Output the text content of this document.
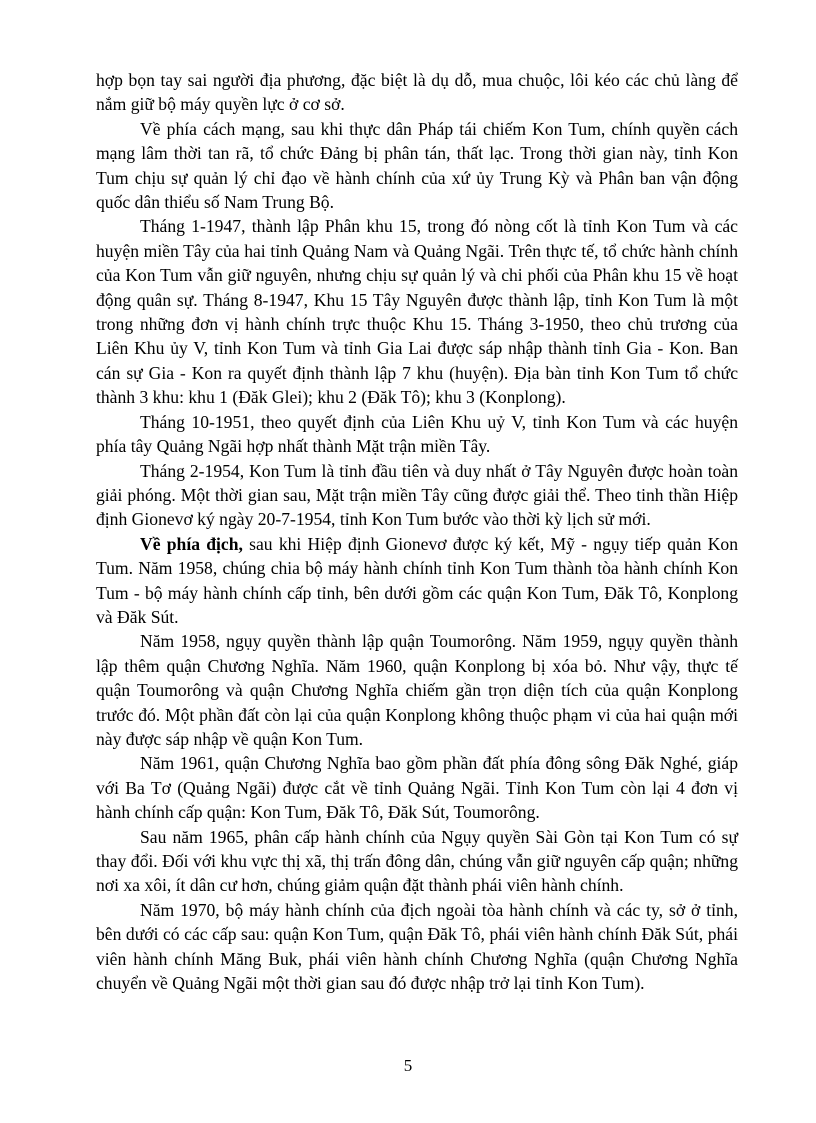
hợp bọn tay sai người địa phương, đặc biệt là dụ dỗ, mua chuộc, lôi kéo các chủ làng để nắm giữ bộ máy quyền lực ở cơ sở.

Về phía cách mạng, sau khi thực dân Pháp tái chiếm Kon Tum, chính quyền cách mạng lâm thời tan rã, tổ chức Đảng bị phân tán, thất lạc. Trong thời gian này, tỉnh Kon Tum chịu sự quản lý chỉ đạo về hành chính của xứ ủy Trung Kỳ và Phân ban vận động quốc dân thiểu số Nam Trung Bộ.

Tháng 1-1947, thành lập Phân khu 15, trong đó nòng cốt là tỉnh Kon Tum và các huyện miền Tây của hai tỉnh Quảng Nam và Quảng Ngãi. Trên thực tế, tổ chức hành chính của Kon Tum vẫn giữ nguyên, nhưng chịu sự quản lý và chi phối của Phân khu 15 về hoạt động quân sự. Tháng 8-1947, Khu 15 Tây Nguyên được thành lập, tỉnh Kon Tum là một trong những đơn vị hành chính trực thuộc Khu 15. Tháng 3-1950, theo chủ trương của Liên Khu ủy V, tỉnh Kon Tum và tỉnh Gia Lai được sáp nhập thành tỉnh Gia - Kon. Ban cán sự Gia - Kon ra quyết định thành lập 7 khu (huyện). Địa bàn tỉnh Kon Tum tổ chức thành 3 khu: khu 1 (Đăk Glei); khu 2 (Đăk Tô); khu 3 (Konplong).

Tháng 10-1951, theo quyết định của Liên Khu uỷ V, tỉnh Kon Tum và các huyện phía tây Quảng Ngãi hợp nhất thành Mặt trận miền Tây.

Tháng 2-1954, Kon Tum là tỉnh đầu tiên và duy nhất ở Tây Nguyên được hoàn toàn giải phóng. Một thời gian sau, Mặt trận miền Tây cũng được giải thể. Theo tinh thần Hiệp định Gionevơ ký ngày 20-7-1954, tỉnh Kon Tum bước vào thời kỳ lịch sử mới.

Về phía địch, sau khi Hiệp định Gionevơ được ký kết, Mỹ - ngụy tiếp quản Kon Tum. Năm 1958, chúng chia bộ máy hành chính tỉnh Kon Tum thành tòa hành chính Kon Tum - bộ máy hành chính cấp tỉnh, bên dưới gồm các quận Kon Tum, Đăk Tô, Konplong và Đăk Sút.

Năm 1958, ngụy quyền thành lập quận Toumorông. Năm 1959, ngụy quyền thành lập thêm quận Chương Nghĩa. Năm 1960, quận Konplong bị xóa bỏ. Như vậy, thực tế quận Toumorông và quận Chương Nghĩa chiếm gần trọn diện tích của quận Konplong trước đó. Một phần đất còn lại của quận Konplong không thuộc phạm vi của hai quận mới này được sáp nhập về quận Kon Tum.

Năm 1961, quận Chương Nghĩa bao gồm phần đất phía đông sông Đăk Nghé, giáp với Ba Tơ (Quảng Ngãi) được cắt về tỉnh Quảng Ngãi. Tỉnh Kon Tum còn lại 4 đơn vị hành chính cấp quận: Kon Tum, Đăk Tô, Đăk Sút, Toumorông.

Sau năm 1965, phân cấp hành chính của Ngụy quyền Sài Gòn tại Kon Tum có sự thay đổi. Đối với khu vực thị xã, thị trấn đông dân, chúng vẫn giữ nguyên cấp quận; những nơi xa xôi, ít dân cư hơn, chúng giảm quận đặt thành phái viên hành chính.

Năm 1970, bộ máy hành chính của địch ngoài tòa hành chính và các ty, sở ở tỉnh, bên dưới có các cấp sau: quận Kon Tum, quận Đăk Tô, phái viên hành chính Đăk Sút, phái viên hành chính Măng Buk, phái viên hành chính Chương Nghĩa (quận Chương Nghĩa chuyển về Quảng Ngãi một thời gian sau đó được nhập trở lại tỉnh Kon Tum).

5
